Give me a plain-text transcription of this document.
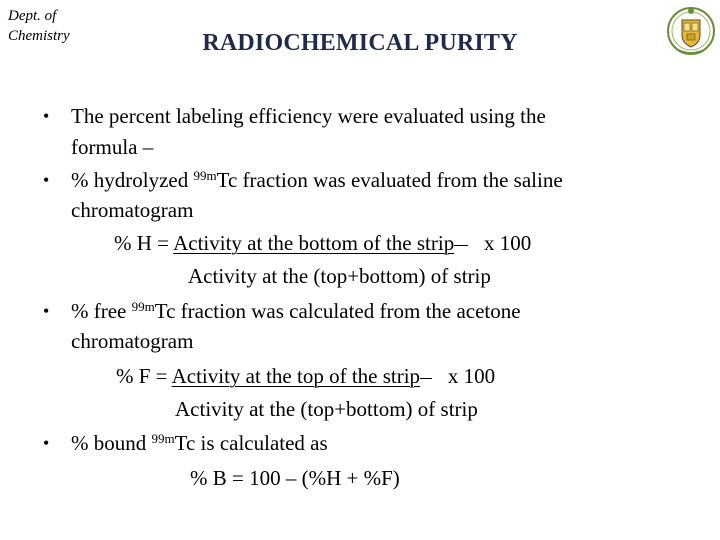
Dept. of
Chemistry	RADIOCHEMICAL PURITY
• The percent labeling efficiency were evaluated using the
formula –
• % hydrolyzed $^{99m}$Tc fraction was evaluated from the saline
chromatogram
% H = Activity at the bottom of the strip x 100
Activity at the (top+bottom) of strip
• % free $^{99m}$Tc fraction was calculated from the acetone
chromatogram
% F = Activity at the top of the strip x 100
Activity at the (top+bottom) of strip
• % bound $^{99m}$Tc is calculated as
% B = 100 – (%H + %F)
